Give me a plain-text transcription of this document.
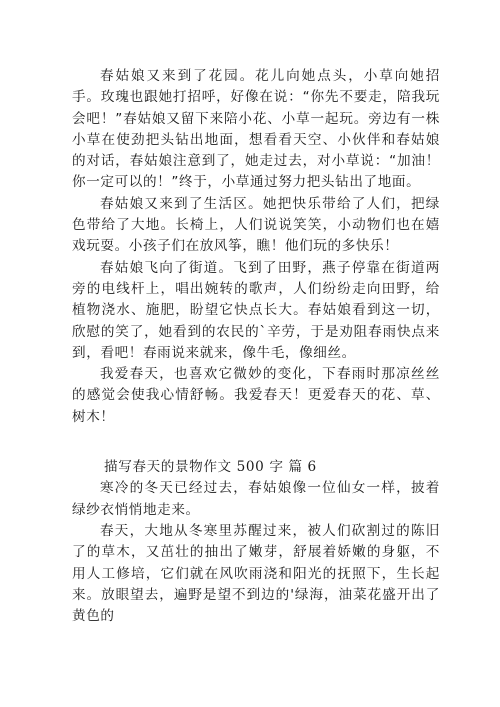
春姑娘又来到了花园。花儿向她点头，小草向她招手。玫瑰也跟她打招呼，好像在说：“你先不要走，陪我玩会吧！”春姑娘又留下来陪小花、小草一起玩。旁边有一株小草在使劲把头钻出地面，想看看天空、小伙伴和春姑娘的对话，春姑娘注意到了，她走过去，对小草说：“加油！你一定可以的！”终于，小草通过努力把头钻出了地面。

春姑娘又来到了生活区。她把快乐带给了人们，把绿色带给了大地。长椅上，人们说说笑笑，小动物们也在嬉戏玩耍。小孩子们在放风筝，瞧！他们玩的多快乐！

春姑娘飞向了街道。飞到了田野，燕子停靠在街道两旁的电线杆上，唱出婉转的歌声，人们纷纷走向田野，给植物浇水、施肥，盼望它快点长大。春姑娘看到这一切，欣慰的笑了，她看到的农民的`辛劳，于是劝阻春雨快点来到，看吧！春雨说来就来，像牛毛，像细丝。

我爱春天，也喜欢它微妙的变化，下春雨时那凉丝丝的感觉会使我心情舒畅。我爱春天！更爱春天的花、草、树木！

描写春天的景物作文 500 字 篇 6

寒冷的冬天已经过去，春姑娘像一位仙女一样，披着绿纱衣悄悄地走来。

春天，大地从冬寒里苏醒过来，被人们砍割过的陈旧了的草木，又茁壮的抽出了嫩芽，舒展着娇嫩的身躯，不用人工修培，它们就在风吹雨浇和阳光的抚照下，生长起来。放眼望去，遍野是望不到边的'绿海，油菜花盛开出了黄色的
